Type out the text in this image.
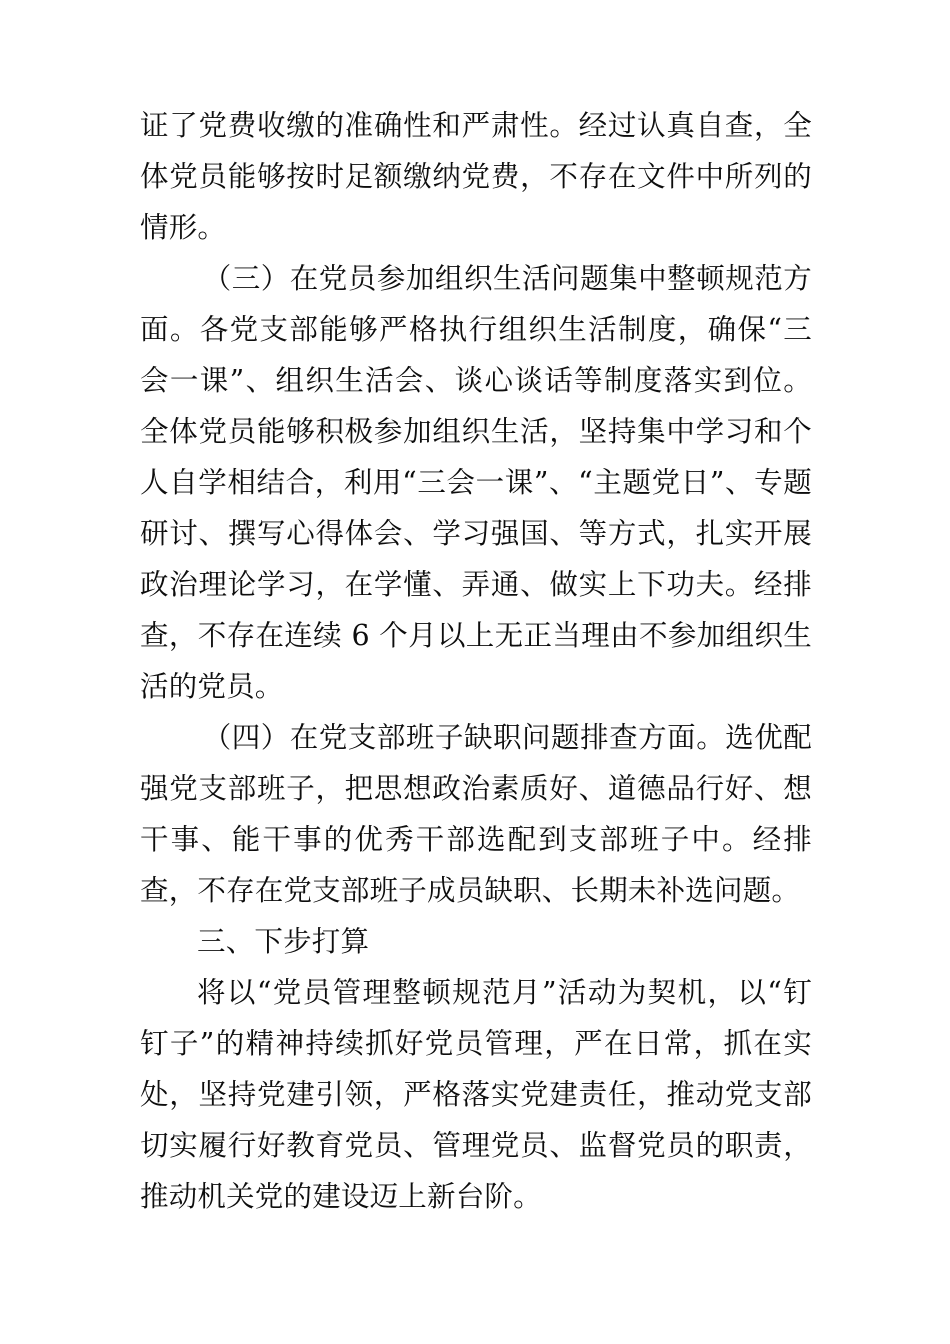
证了党费收缴的准确性和严肃性。经过认真自查，全体党员能够按时足额缴纳党费，不存在文件中所列的情形。

（三）在党员参加组织生活问题集中整顿规范方面。各党支部能够严格执行组织生活制度，确保“三会一课”、组织生活会、谈心谈话等制度落实到位。全体党员能够积极参加组织生活，坚持集中学习和个人自学相结合，利用“三会一课”、“主题党日”、专题研讨、撰写心得体会、学习强国、等方式，扎实开展政治理论学习，在学懂、弄通、做实上下功夫。经排查，不存在连续 6 个月以上无正当理由不参加组织生活的党员。

（四）在党支部班子缺职问题排查方面。选优配强党支部班子，把思想政治素质好、道德品行好、想干事、能干事的优秀干部选配到支部班子中。经排查，不存在党支部班子成员缺职、长期未补选问题。

三、下步打算

将以“党员管理整顿规范月”活动为契机，以“钉钉子”的精神持续抓好党员管理，严在日常，抓在实处，坚持党建引领，严格落实党建责任，推动党支部切实履行好教育党员、管理党员、监督党员的职责，推动机关党的建设迈上新台阶。
